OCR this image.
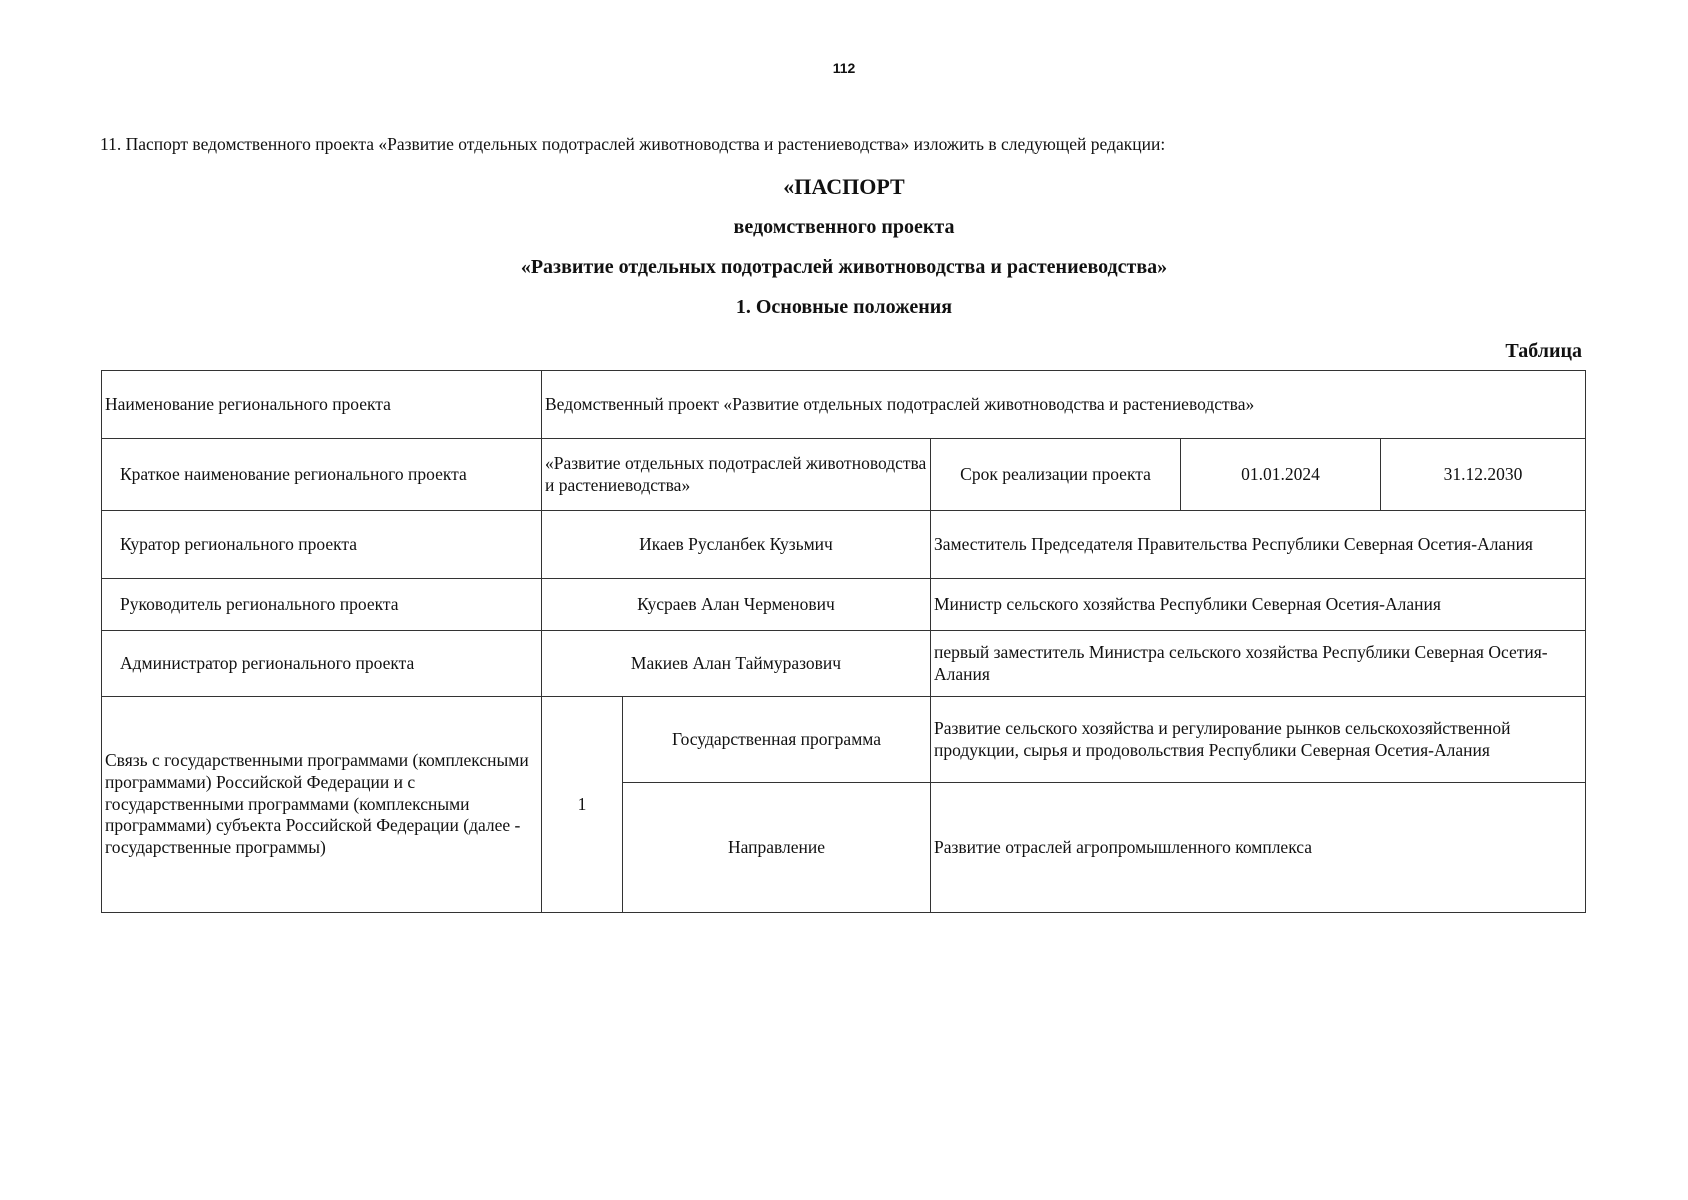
112
11. Паспорт ведомственного проекта «Развитие отдельных подотраслей животноводства и растениеводства» изложить в следующей редакции:
«ПАСПОРТ
ведомственного проекта
«Развитие отдельных подотраслей животноводства и растениеводства»
1. Основные положения
Таблица
Наименование регионального проекта	Ведомственный проект «Развитие отдельных подотраслей животноводства и растениеводства»				
Краткое наименование регионального проекта	«Развитие отдельных подотраслей животноводства и растениеводства»		Срок реализации проекта	01.01.2024	31.12.2030
Куратор регионального проекта	Икаев Русланбек Кузьмич		Заместитель Председателя Правительства Республики Северная Осетия-Алания		
Руководитель регионального проекта	Кусраев Алан Черменович		Министр сельского хозяйства Республики Северная Осетия-Алания		
Администратор регионального проекта	Макиев Алан Таймуразович		первый заместитель Министра сельского хозяйства Республики Северная Осетия-Алания		
Связь с государственными программами (комплексными программами) Российской Федерации и с государственными программами (комплексными программами) субъекта Российской Федерации (далее - государственные программы)	1	Государственная программа	Развитие сельского хозяйства и регулирование рынков сельскохозяйственной продукции, сырья и продовольствия Республики Северная Осетия-Алания		
		Направление	Развитие отраслей агропромышленного комплекса		
